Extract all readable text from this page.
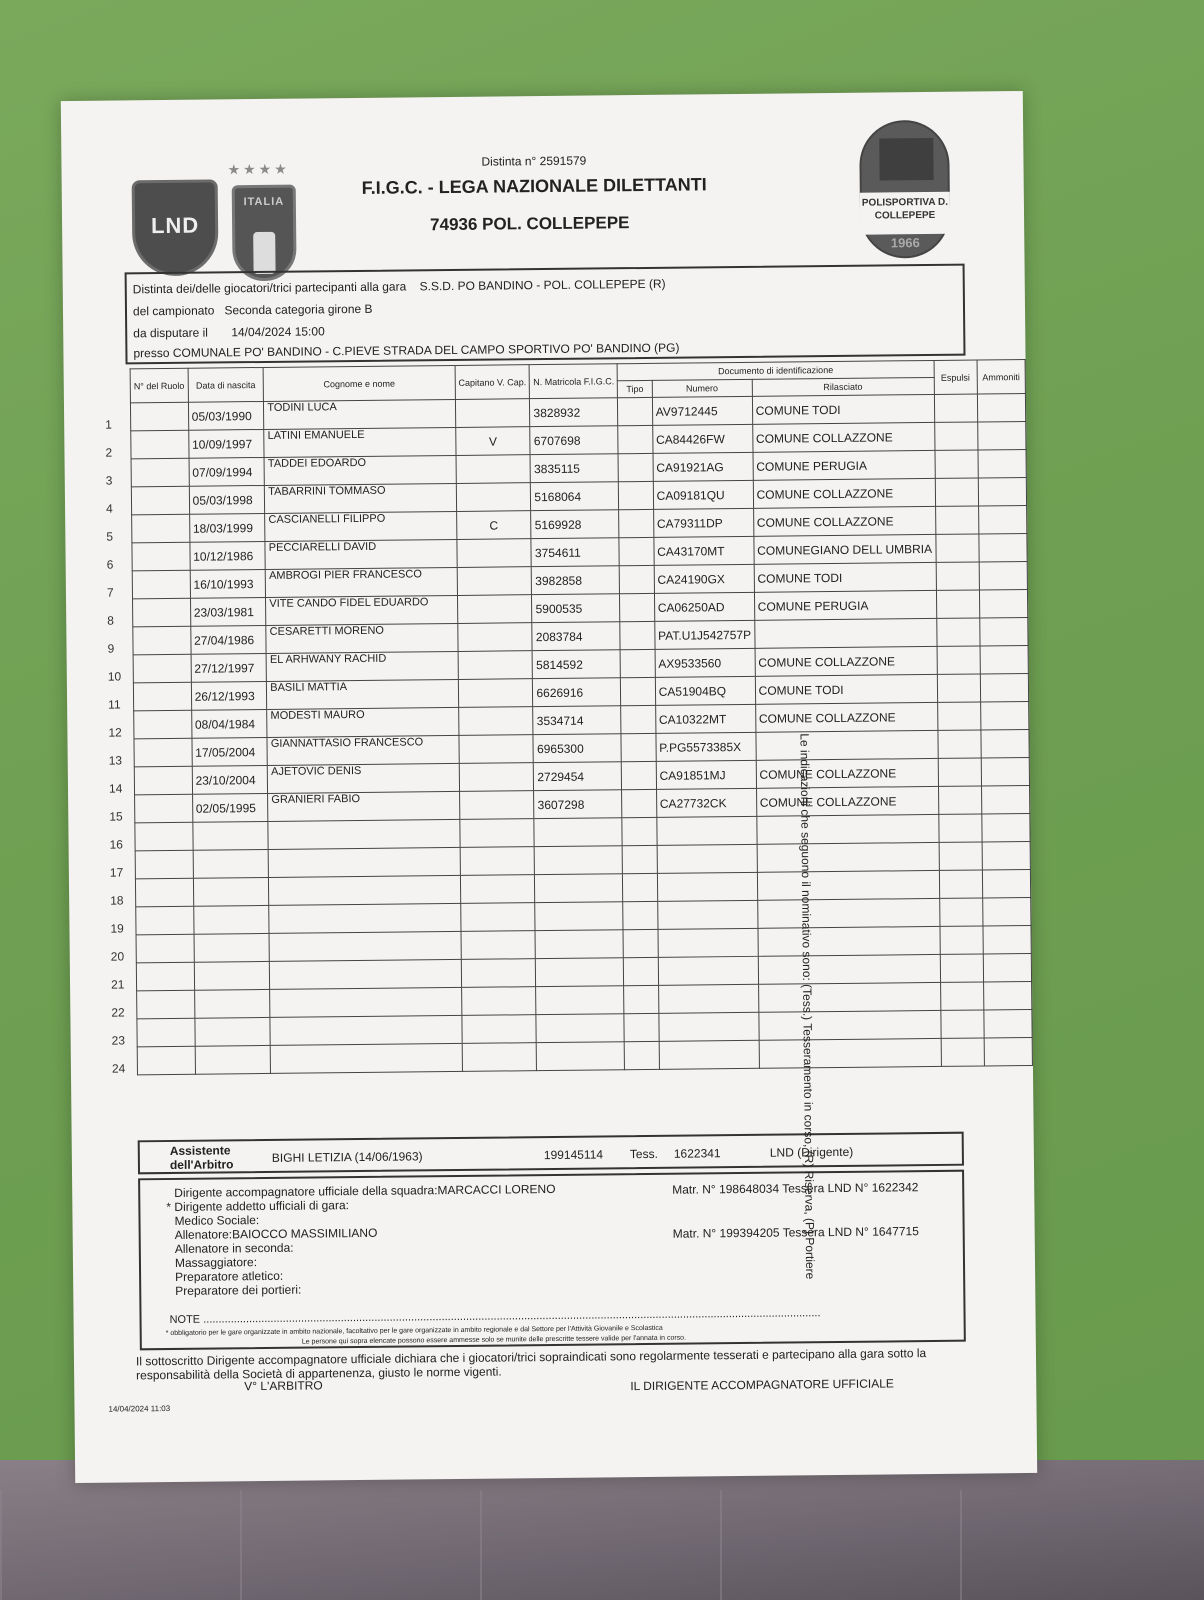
LND
★★★★
ITALIA
Distinta n° 2591579
F.I.G.C. - LEGA NAZIONALE DILETTANTI
74936 POL. COLLEPEPE
POLISPORTIVA D.
COLLEPEPE
1966
Distinta dei/delle giocatori/trici partecipanti alla gara S.S.D. PO BANDINO - POL. COLLEPEPE (R)
del campionato Seconda categoria girone B
da disputare il 14/04/2024 15:00
presso COMUNALE PO' BANDINO - C.PIEVE STRADA DEL CAMPO SPORTIVO PO' BANDINO (PG)
N° del Ruolo	Data di nascita	Cognome e nome	Capitano V. Cap.	N. Matricola F.I.G.C.	Documento di identificazione			Espulsi	Ammoniti
					Tipo	Numero	Rilasciato		

1	05/03/1990	TODINI LUCA		3828932		AV9712445	COMUNE TODI		

2	10/09/1997	LATINI EMANUELE	V	6707698		CA84426FW	COMUNE COLLAZZONE		

3	07/09/1994	TADDEI EDOARDO		3835115		CA91921AG	COMUNE PERUGIA		

4	05/03/1998	TABARRINI TOMMASO		5168064		CA09181QU	COMUNE COLLAZZONE		

5	18/03/1999	CASCIANELLI FILIPPO	C	5169928		CA79311DP	COMUNE COLLAZZONE		

6	10/12/1986	PECCIARELLI DAVID		3754611		CA43170MT	COMUNEGIANO DELL UMBRIA		

7	16/10/1993	AMBROGI PIER FRANCESCO		3982858		CA24190GX	COMUNE TODI		

8	23/03/1981	VITE CANDO FIDEL EDUARDO		5900535		CA06250AD	COMUNE PERUGIA		

9	27/04/1986	CESARETTI MORENO		2083784		PAT.U1J542757P			

10	27/12/1997	EL ARHWANY RACHID		5814592		AX9533560	COMUNE COLLAZZONE		

11	26/12/1993	BASILI MATTIA		6626916		CA51904BQ	COMUNE TODI		

12	08/04/1984	MODESTI MAURO		3534714		CA10322MT	COMUNE COLLAZZONE		

13	17/05/2004	GIANNATTASIO FRANCESCO		6965300		P.PG5573385X			

14	23/10/2004	AJETOVIC DENIS		2729454		CA91851MJ	COMUNE COLLAZZONE		

15	02/05/1995	GRANIERI FABIO		3607298		CA27732CK	COMUNE COLLAZZONE		

16									

17									

18									

19									

20									

21									

22									

23									

24									

Assistente dell'Arbitro	BIGHI LETIZIA (14/06/1963)	199145114 Tess. 1622341	LND (Dirigente)
Dirigente accompagnatore ufficiale della squadra:MARCACCI LORENO	Matr. N° 198648034 Tessera LND N° 1622342
* Dirigente addetto ufficiali di gara:
Medico Sociale:
Allenatore:BAIOCCO MASSIMILIANO	Matr. N° 199394205 Tessera LND N° 1647715
Allenatore in seconda:
Massaggiatore:
Preparatore atletico:
Preparatore dei portieri:
NOTE ..........................................................................................................................................................................................................
* obbligatorio per le gare organizzate in ambito nazionale, facoltativo per le gare organizzate in ambito regionale e dal Settore per l'Attività Giovanile e Scolastica
Le persone qui sopra elencate possono essere ammesse solo se munite delle prescritte tessere valide per l'annata in corso.
Il sottoscritto Dirigente accompagnatore ufficiale dichiara che i giocatori/trici sopraindicati sono regolarmente tesserati e partecipano alla gara sotto la responsabilità della Società di appartenenza, giusto le norme vigenti.
V° L'ARBITRO	IL DIRIGENTE ACCOMPAGNATORE UFFICIALE
14/04/2024 11:03
Le indicazioni che seguono il nominativo sono: (Tess.) Tesseramento in corso, (R) Riserva, (P) Portiere
